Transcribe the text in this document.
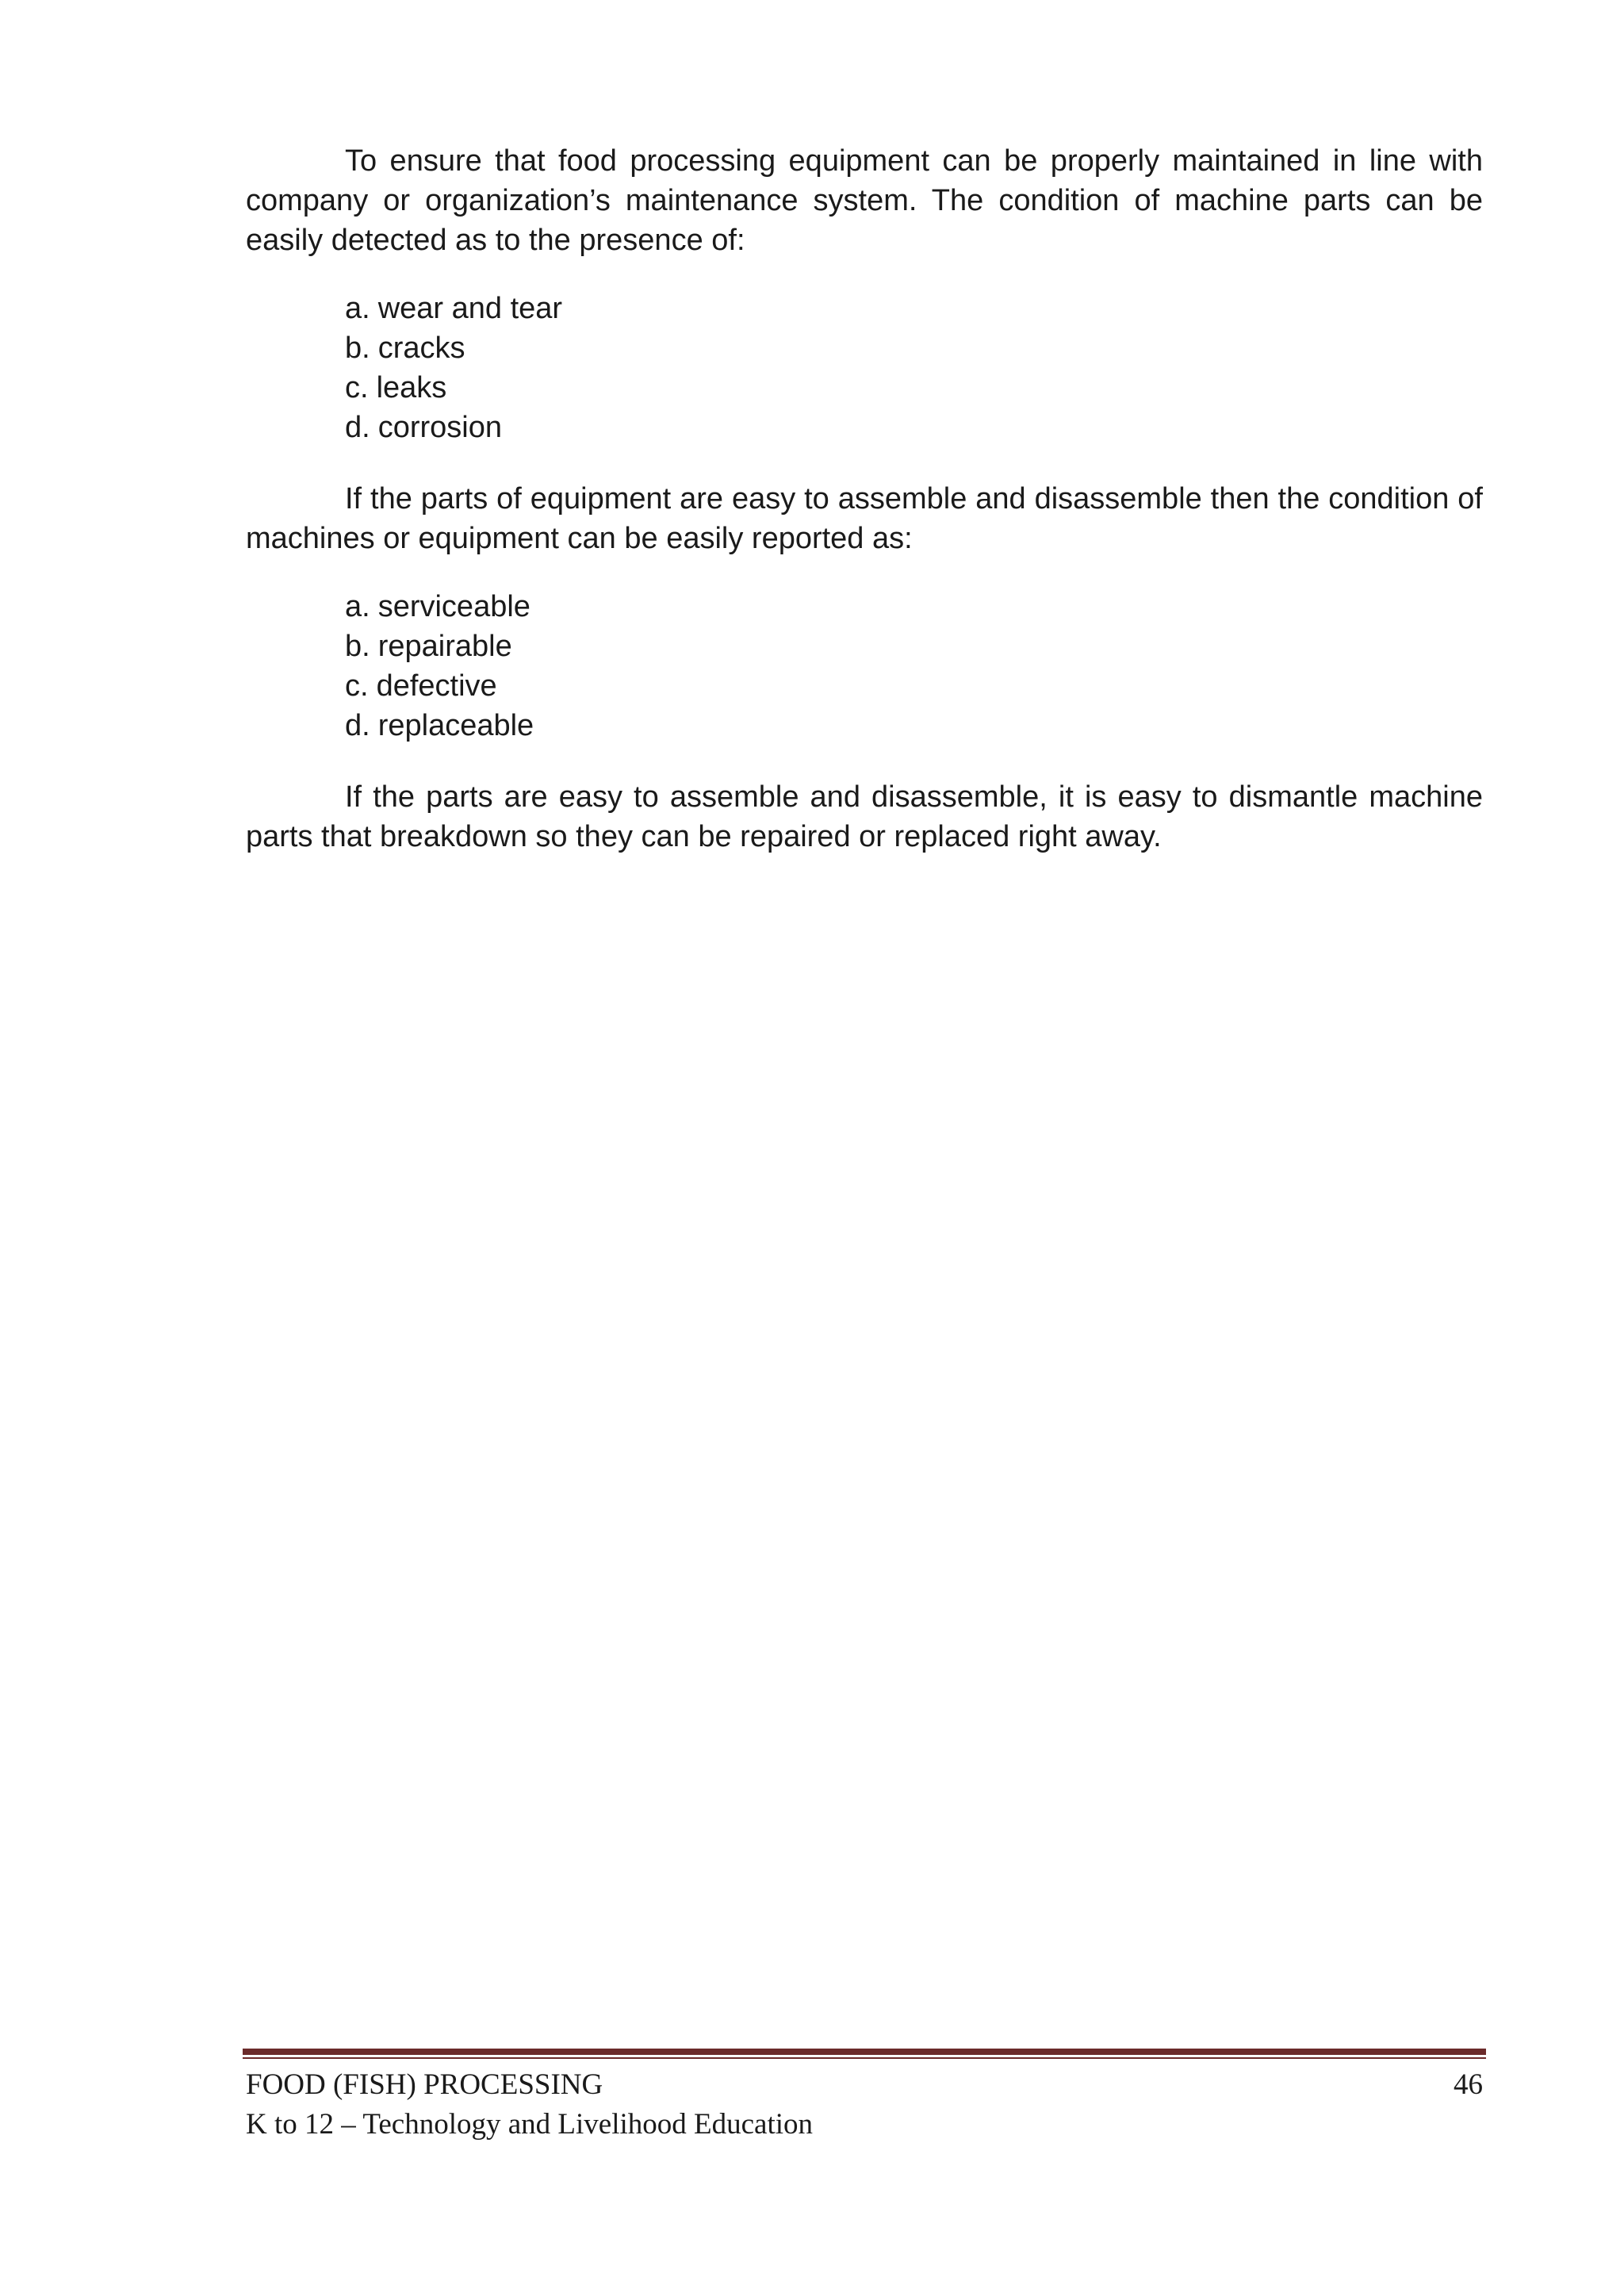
To ensure that food processing equipment can be properly maintained in line with company or organization’s maintenance system. The condition of machine parts can be easily detected as to the presence of:

a. wear and tear
b. cracks
c. leaks
d. corrosion

If the parts of equipment are easy to assemble and disassemble then the condition of machines or equipment can be easily reported as:

a. serviceable
b. repairable
c. defective
d. replaceable

If the parts are easy to assemble and disassemble, it is easy to dismantle machine parts that breakdown so they can be repaired or replaced right away.

FOOD (FISH) PROCESSING	46
K to 12 – Technology and Livelihood Education
